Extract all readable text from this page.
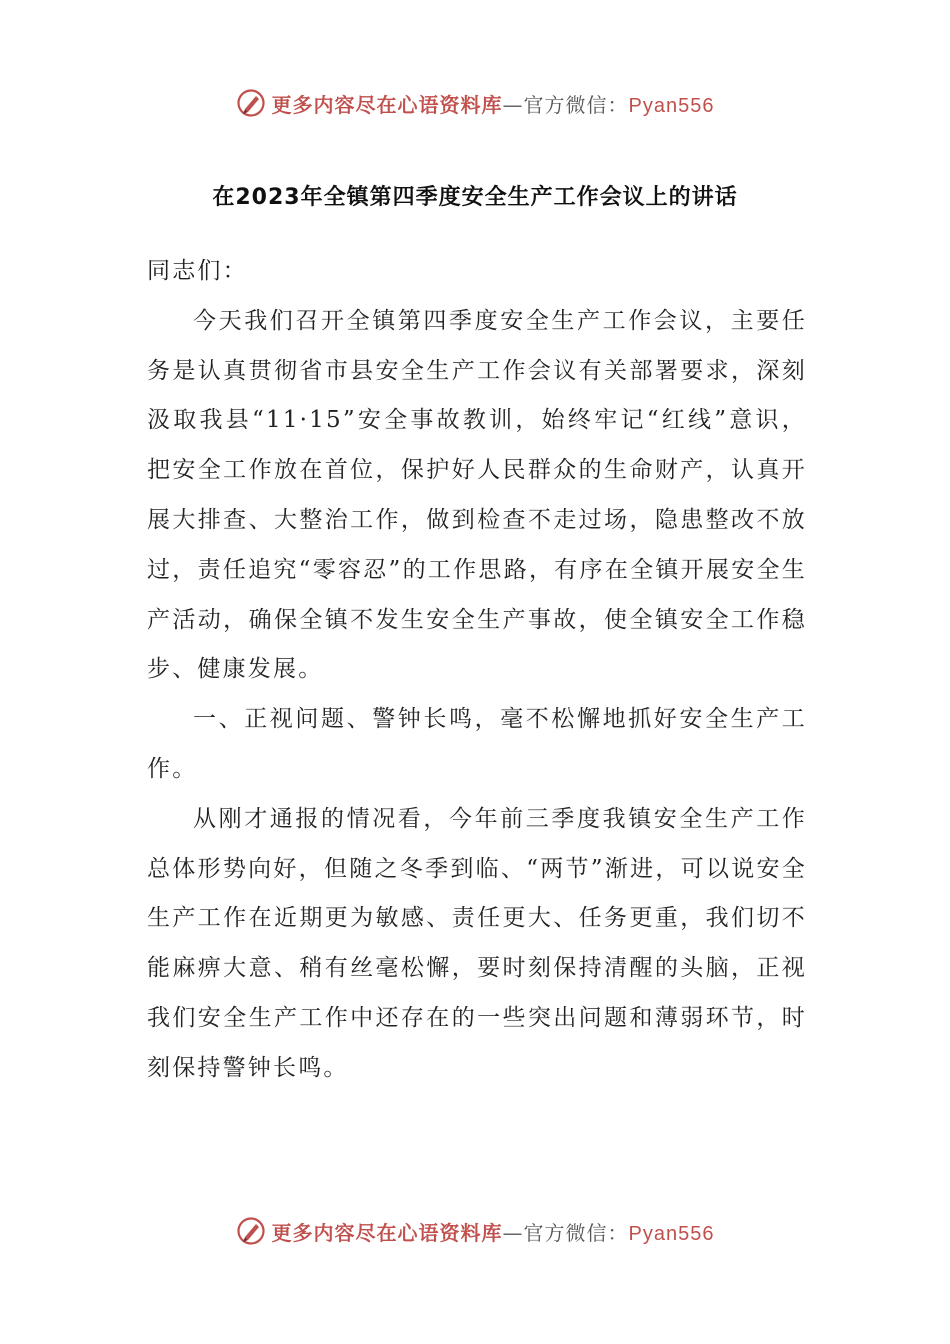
更多内容尽在心语资料库—官方微信：Pyan556
在2023年全镇第四季度安全生产工作会议上的讲话

同志们：

今天我们召开全镇第四季度安全生产工作会议，主要任务是认真贯彻省市县安全生产工作会议有关部署要求，深刻汲取我县“11·15”安全事故教训，始终牢记“红线”意识，把安全工作放在首位，保护好人民群众的生命财产，认真开展大排查、大整治工作，做到检查不走过场，隐患整改不放过，责任追究“零容忍”的工作思路，有序在全镇开展安全生产活动，确保全镇不发生安全生产事故，使全镇安全工作稳步、健康发展。

一、正视问题、警钟长鸣，毫不松懈地抓好安全生产工作。

从刚才通报的情况看，今年前三季度我镇安全生产工作总体形势向好，但随之冬季到临、“两节”渐进，可以说安全生产工作在近期更为敏感、责任更大、任务更重，我们切不能麻痹大意、稍有丝毫松懈，要时刻保持清醒的头脑，正视我们安全生产工作中还存在的一些突出问题和薄弱环节，时刻保持警钟长鸣。

更多内容尽在心语资料库—官方微信：Pyan556
